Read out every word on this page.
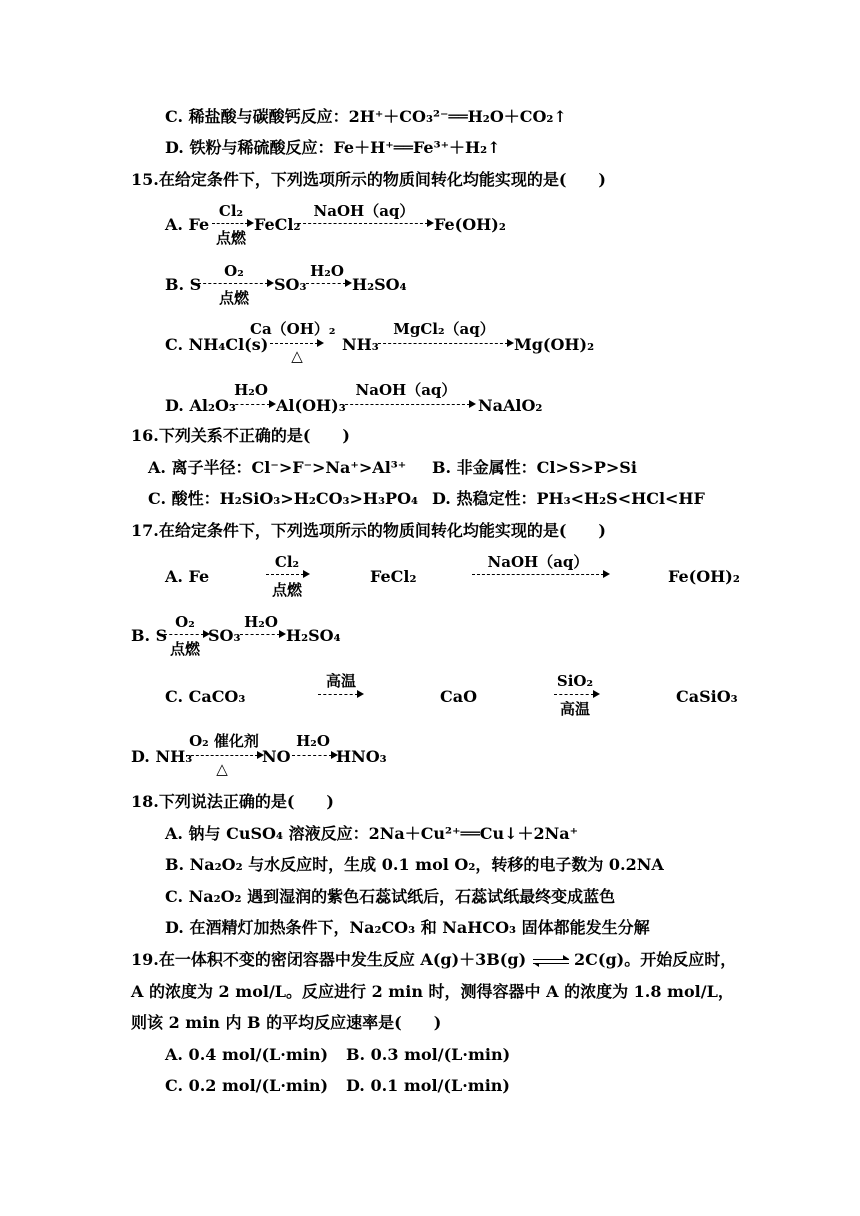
C. 稀盐酸与碳酸钙反应：2H⁺＋CO₃²⁻══H₂O＋CO₂↑
D. 铁粉与稀硫酸反应：Fe＋H⁺══Fe³⁺＋H₂↑
15.在给定条件下，下列选项所示的物质间转化均能实现的是(　　)
A. Fe
Cl₂
点燃
FeCl₂
NaOH（aq）
Fe(OH)₂
B. S
O₂
点燃
SO₃
H₂O
H₂SO₄
C. NH₄Cl(s)
Ca（OH）₂
△
NH₃
MgCl₂（aq）
Mg(OH)₂
D. Al₂O₃
H₂O
Al(OH)₃
NaOH（aq）
NaAlO₂
16.下列关系不正确的是(　　)
A. 离子半径：Cl⁻>F⁻>Na⁺>Al³⁺ B. 非金属性：Cl>S>P>Si
C. 酸性：H₂SiO₃>H₂CO₃>H₃PO₄ D. 热稳定性：PH₃<H₂S<HCl<HF
17.在给定条件下，下列选项所示的物质间转化均能实现的是(　　)
A. Fe
Cl₂
点燃
FeCl₂
NaOH（aq）
Fe(OH)₂
B. S
O₂
点燃
SO₃
H₂O
H₂SO₄
C. CaCO₃
高温
CaO
SiO₂
高温
CaSiO₃
D. NH₃
O₂ 催化剂
△
NO
H₂O
HNO₃
18.下列说法正确的是(　　)
A. 钠与 CuSO₄ 溶液反应：2Na＋Cu²⁺══Cu↓＋2Na⁺
B. Na₂O₂ 与水反应时，生成 0.1 mol O₂，转移的电子数为 0.2NA
C. Na₂O₂ 遇到湿润的紫色石蕊试纸后，石蕊试纸最终变成蓝色
D. 在酒精灯加热条件下，Na₂CO₃ 和 NaHCO₃ 固体都能发生分解
19.在一体积不变的密闭容器中发生反应 A(g)＋3B(g)	2C(g)。开始反应时，
A 的浓度为 2 mol/L。反应进行 2 min 时，测得容器中 A 的浓度为 1.8 mol/L，
则该 2 min 内 B 的平均反应速率是(　　)
A. 0.4 mol/(L·min) B. 0.3 mol/(L·min)
C. 0.2 mol/(L·min) D. 0.1 mol/(L·min)
